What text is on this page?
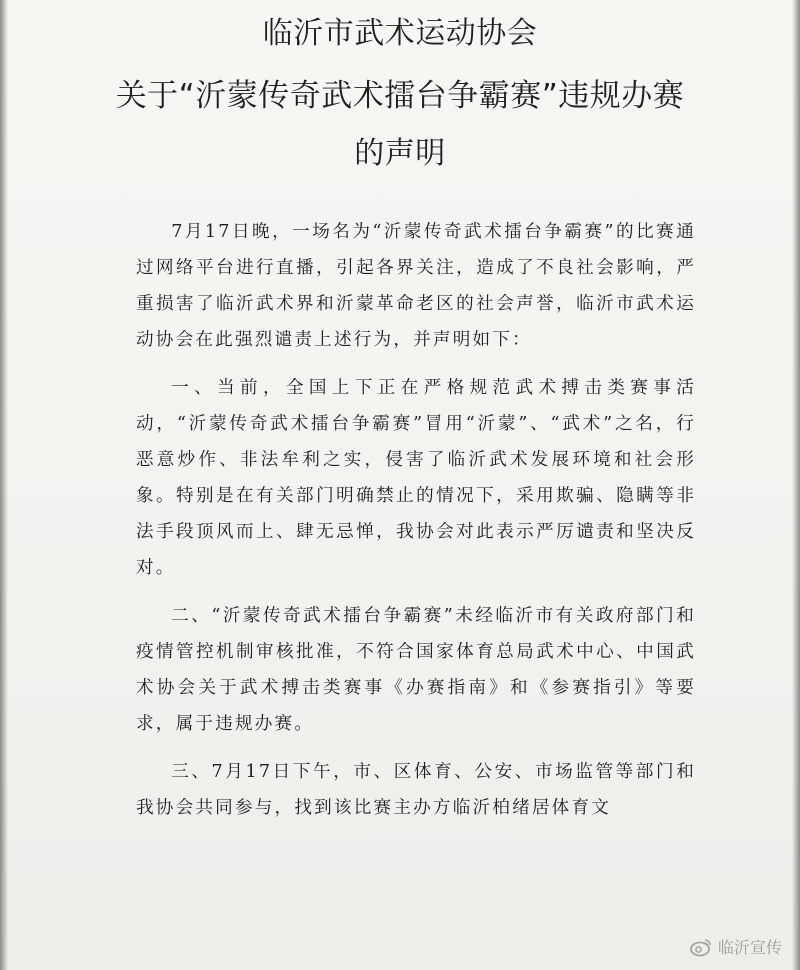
临沂市武术运动协会
关于“沂蒙传奇武术擂台争霸赛”违规办赛
的声明

7月17日晚，一场名为“沂蒙传奇武术擂台争霸赛”的比赛通过网络平台进行直播，引起各界关注，造成了不良社会影响，严重损害了临沂武术界和沂蒙革命老区的社会声誉，临沂市武术运动协会在此强烈谴责上述行为，并声明如下：

一、当前，全国上下正在严格规范武术搏击类赛事活动，“沂蒙传奇武术擂台争霸赛”冒用“沂蒙”、“武术”之名，行恶意炒作、非法牟利之实，侵害了临沂武术发展环境和社会形象。特别是在有关部门明确禁止的情况下，采用欺骗、隐瞒等非法手段顶风而上、肆无忌惮，我协会对此表示严厉谴责和坚决反对。

二、“沂蒙传奇武术擂台争霸赛”未经临沂市有关政府部门和疫情管控机制审核批准，不符合国家体育总局武术中心、中国武术协会关于武术搏击类赛事《办赛指南》和《参赛指引》等要求，属于违规办赛。

三、7月17日下午，市、区体育、公安、市场监管等部门和我协会共同参与，找到该比赛主办方临沂柏绪居体育文

临沂宣传
